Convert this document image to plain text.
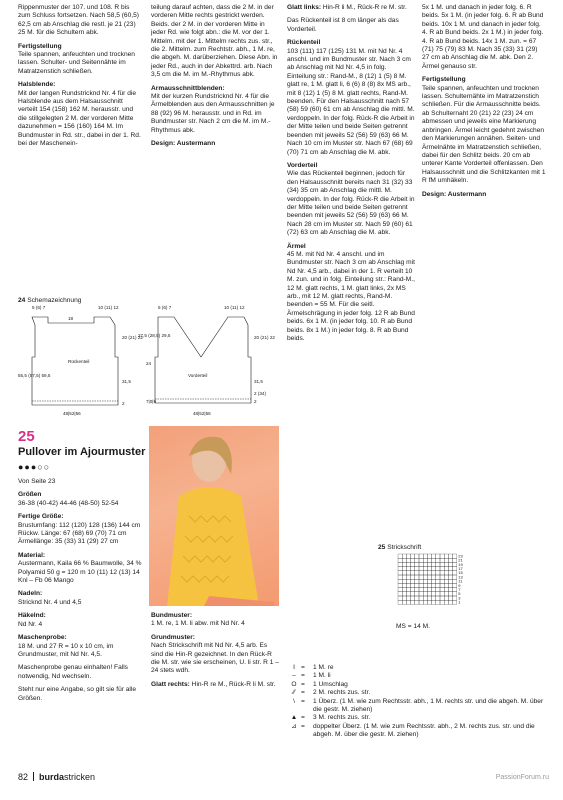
Rippenmuster der 107. und 108. R bis zum Schluss fortsetzen. Nach 58,5 (60,5) 62,5 cm ab Anschlag die restl. je 21 (23) 25 M. für die Schultern abk.

Fertigstellung

Teile spannen, anfeuchten und trocknen lassen. Schulter- und Seitennähte im Matratzenstich schließen.

Halsblende:

Mit der langen Rundstricknd Nr. 4 für die Halsblende aus dem Halsausschnitt verteilt 154 (158) 162 M. herausstr. und die stillgelegten 2 M. der vorderen Mitte dazunehmen = 156 (160) 164 M. Im Bundmuster in Rd. str., dabei in der 1. Rd. bei der Maschenein-

teilung darauf achten, dass die 2 M. in der vorderen Mitte rechts gestrickt werden. Beids. der 2 M. in der vorderen Mitte in jeder Rd. wie folgt abn.: die M. vor der 1. Mittelm. mit der 1. Mittelm rechts zus. str., die 2. Mittelm. zum Rechtstr. abh., 1 M. re, die abgeh. M. darüberziehen. Diese Abn. in jeder Rd., auch in der Abkettrd. arb. Nach 3,5 cm die M. im M.-Rhythmus abk.

Armausschnittblenden:

Mit der kurzen Rundstricknd Nr. 4 für die Ärmelblenden aus den Armausschnitten je 88 (92) 96 M. herausstr. und in Rd. im Bundmuster str. Nach 2 cm die M. im M.-Rhythmus abk.

Design: Austermann

Glatt links: Hin-R li M., Rück-R re M. str.

Das Rückenteil ist 8 cm länger als das Vorderteil.

Rückenteil

103 (111) 117 (125) 131 M. mit Nd Nr. 4 anschl. und im Bundmuster str. Nach 3 cm ab Anschlag mit Nd Nr. 4,5 in folg. Einteilung str.: Rand-M., 8 (12) 1 (5) 8 M. glatt re, 1 M. glatt li, 6 (6) 8 (8) 8x MS arb., mit 8 (12) 1 (5) 8 M. glatt rechts, Rand-M. beenden. Für den Halsausschnitt nach 57 (58) 59 (60) 61 cm ab Anschlag die mittl. M. verdoppeln. In der folg. Rück-R die Arbeit in der Mitte teilen und beide Seiten getrennt beenden mit jeweils 52 (56) 59 (63) 66 M. Nach 10 cm im Muster str. Nach 67 (68) 69 (70) 71 cm ab Anschlag die M. abk.

Vorderteil

Wie das Rückenteil beginnen, jedoch für den Halsausschnitt bereits nach 31 (32) 33 (34) 35 cm ab Anschlag die mittl. M. verdoppeln. In der folg. Rück-R die Arbeit in der Mitte teilen und beide Seiten getrennt beenden mit jeweils 52 (56) 59 (63) 66 M. Nach 28 cm im Muster str. Nach 59 (60) 61 (72) 63 cm ab Anschlag die M. abk.

Ärmel

45 M. mit Nd Nr. 4 anschl. und im Bundmuster str. Nach 3 cm ab Anschlag mit Nd Nr. 4,5 arb., dabei in der 1. R verteilt 10 M. zun. und in folg. Einteilung str.: Rand-M., 12 M. glatt rechts, 1 M. glatt links, 2x MS arb., mit 12 M. glatt rechts, Rand-M. beenden = 55 M. Für die seitl. Ärmelschrägung in jeder folg. 12 R ab Bund beids. 6x 1 M. (in jeder folg. 10. R ab Bund beids. 8x 1 M.) in jeder folg. 8. R ab Bund beids.

5x 1 M. und danach in jeder folg. 6. R beids. 5x 1 M. (in jeder folg. 6. R ab Bund beids. 10x 1 M. und danach in jeder folg. 4. R ab Bund beids. 2x 1 M.) in jeder folg. 4. R ab Bund beids. 14x 1 M. zun. = 67 (71) 75 (79) 83 M. Nach 35 (33) 31 (29) 27 cm ab Anschlag die M. abk. Den 2. Ärmel genauso str.

Fertigstellung

Teile spannen, anfeuchten und trocknen lassen. Schulternähte im Matratzenstich schließen. Für die Armausschnitte beids. ab Schulternaht 20 (21) 22 (23) 24 cm abmessen und jeweils eine Markierung anbringen. Ärmel leicht gedehnt zwischen den Markierungen annähen. Seiten- und Ärmelnähte im Matratzenstich schließen, dabei für den Schlitz beids. 20 cm ab unterer Kante Vorderteil offenlassen. Den Halsausschnitt und die Schlitzkanten mit 1 R fM umhäkeln.

Design: Austermann

24 Schemazeichnung
Rückenteil
Vorderteil
5 (6) 7	10 (11) 12
18
20 (21) 22
55,5 (57,5) 59,5
31,5
2
48|52|56
5 (6) 7	10 (11) 12
27,5 (28,5) 29,5	20 (21) 22
24
31,5
2 (34)
2
7|0|9
48|52|56
25
Pullover im Ajourmuster
●●●○○

Von Seite 23

Größen

36-38 (40-42) 44-46 (48-50) 52-54

Fertige Größe:

Brustumfang: 112 (120) 128 (136) 144 cm Rückw. Länge: 67 (68) 69 (70) 71 cm Ärmellänge: 35 (33) 31 (29) 27 cm

Material:

Austermann, Kaila 66 % Baumwolle, 34 % Polyamid 50 g = 120 m 10 (11) 12 (13) 14 Knl – Fb 06 Mango

Nadeln:

Stricknd Nr. 4 und 4,5

Häkelnd:

Nd Nr. 4

Maschenprobe:

18 M. und 27 R = 10 x 10 cm, im Grundmuster, mit Nd Nr. 4,5.

Maschenprobe genau einhalten! Falls notwendig, Nd wechseln.

Steht nur eine Angabe, so gilt sie für alle Größen.

Bundmuster:

1 M. re, 1 M. li abw. mit Nd Nr. 4

Grundmuster:

Nach Strickschrift mit Nd Nr. 4,5 arb. Es sind die Hin-R gezeichnet. In den Rück-R die M. str. wie sie erscheinen, U. li str. R 1 – 24 stets wdh.

Glatt rechts: Hin-R re M., Rück-R li M. str.

25 Strickschrift
23
21
19
17
15
13
11
9
7
5
3
1
MS = 14 M.
I =	1 M. re
– =	1 M. li
O =	1 Umschlag
⁄⁄ =	2 M. rechts zus. str.
\ =	1 Überz. (1 M. wie zum Rechtsstr. abh., 1 M. rechts str. und die abgeh. M. über die gestr. M. ziehen)
▲ =	3 M. rechts zus. str.
⊿ =	doppelter Überz. (1 M. wie zum Rechtsstr. abh., 2 M. rechts zus. str. und die abgeh. M. über die gestr. M. ziehen)
82 burdastricken	PassionForum.ru
